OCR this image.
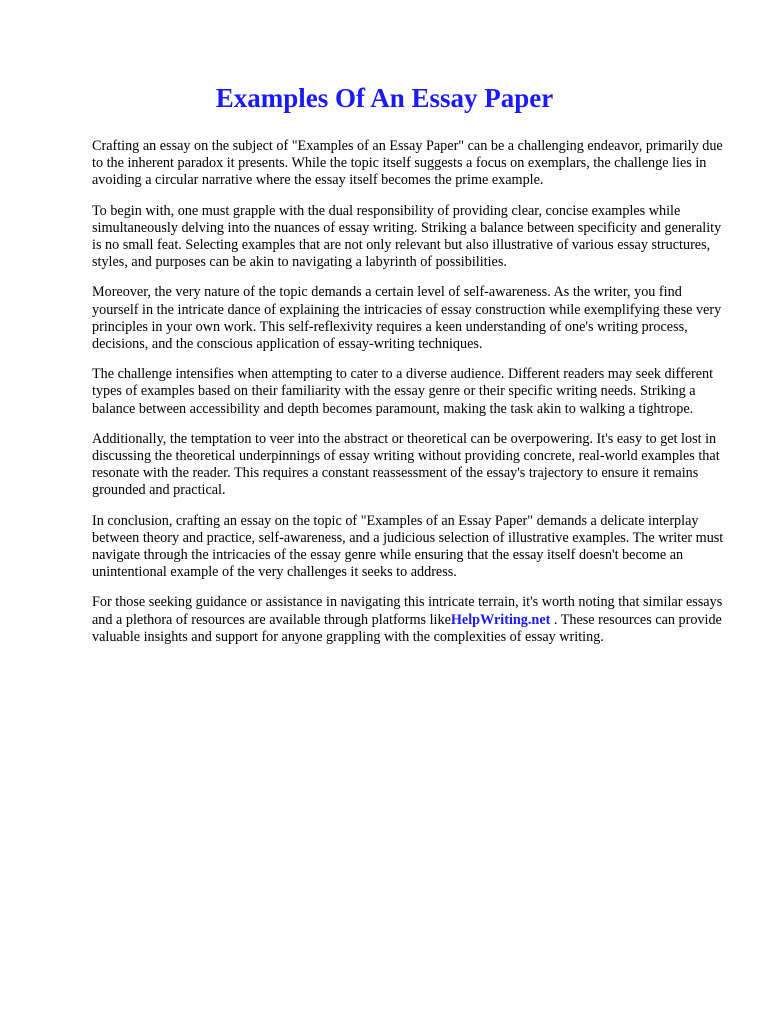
Examples Of An Essay Paper

Crafting an essay on the subject of "Examples of an Essay Paper" can be a challenging endeavor, primarily due to the inherent paradox it presents. While the topic itself suggests a focus on exemplars, the challenge lies in avoiding a circular narrative where the essay itself becomes the prime example.

To begin with, one must grapple with the dual responsibility of providing clear, concise examples while simultaneously delving into the nuances of essay writing. Striking a balance between specificity and generality is no small feat. Selecting examples that are not only relevant but also illustrative of various essay structures, styles, and purposes can be akin to navigating a labyrinth of possibilities.

Moreover, the very nature of the topic demands a certain level of self-awareness. As the writer, you find yourself in the intricate dance of explaining the intricacies of essay construction while exemplifying these very principles in your own work. This self-reflexivity requires a keen understanding of one's writing process, decisions, and the conscious application of essay-writing techniques.

The challenge intensifies when attempting to cater to a diverse audience. Different readers may seek different types of examples based on their familiarity with the essay genre or their specific writing needs. Striking a balance between accessibility and depth becomes paramount, making the task akin to walking a tightrope.

Additionally, the temptation to veer into the abstract or theoretical can be overpowering. It's easy to get lost in discussing the theoretical underpinnings of essay writing without providing concrete, real-world examples that resonate with the reader. This requires a constant reassessment of the essay's trajectory to ensure it remains grounded and practical.

In conclusion, crafting an essay on the topic of "Examples of an Essay Paper" demands a delicate interplay between theory and practice, self-awareness, and a judicious selection of illustrative examples. The writer must navigate through the intricacies of the essay genre while ensuring that the essay itself doesn't become an unintentional example of the very challenges it seeks to address.

For those seeking guidance or assistance in navigating this intricate terrain, it's worth noting that similar essays and a plethora of resources are available through platforms likeHelpWriting.net . These resources can provide valuable insights and support for anyone grappling with the complexities of essay writing.
